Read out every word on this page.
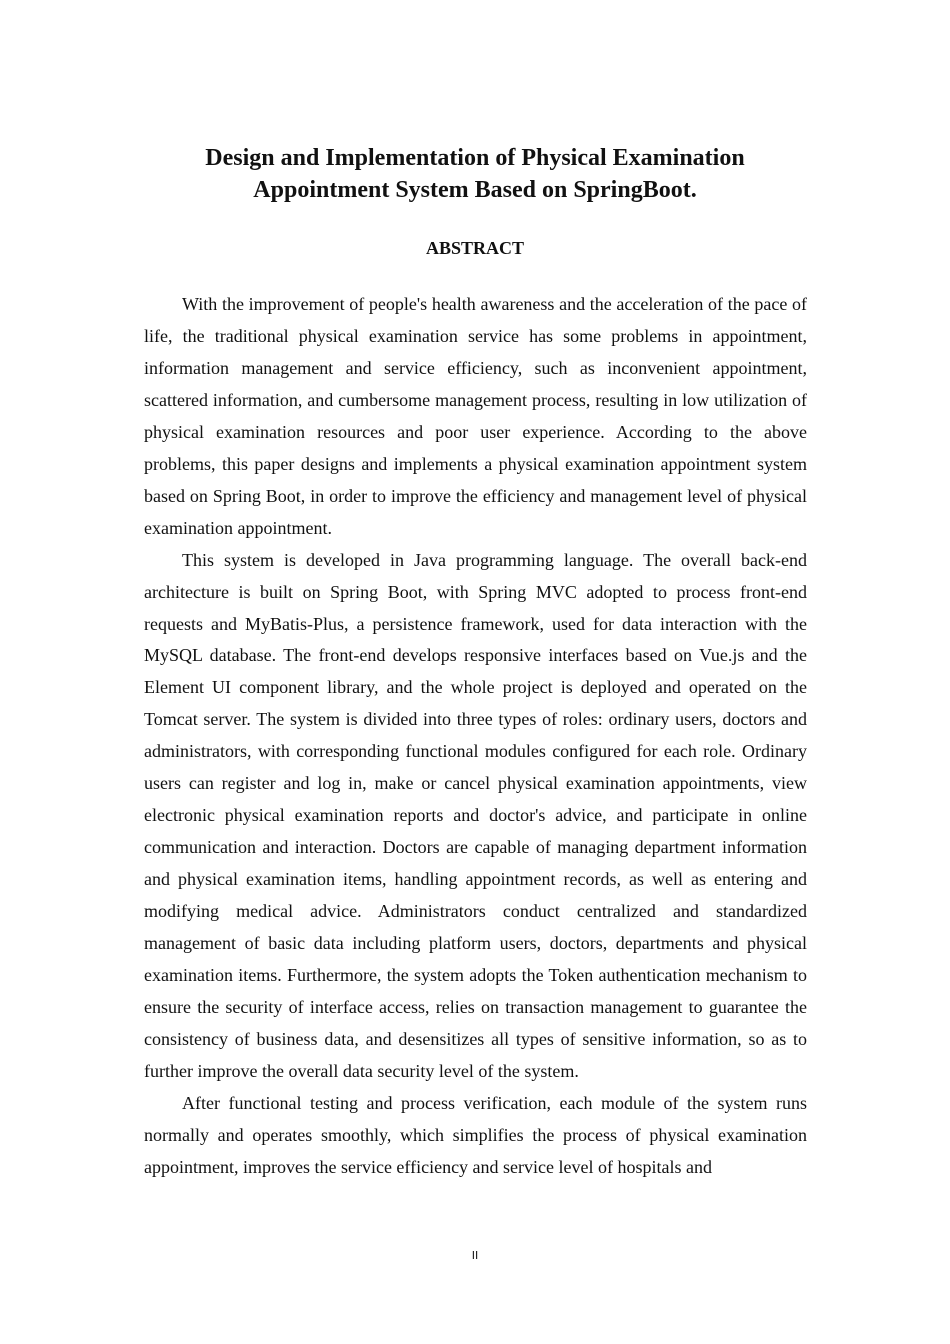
Design and Implementation of Physical Examination
Appointment System Based on SpringBoot.
ABSTRACT

With the improvement of people's health awareness and the acceleration of the pace of life, the traditional physical examination service has some problems in appointment, information management and service efficiency, such as inconvenient appointment, scattered information, and cumbersome management process, resulting in low utilization of physical examination resources and poor user experience. According to the above problems, this paper designs and implements a physical examination appointment system based on Spring Boot, in order to improve the efficiency and management level of physical examination appointment.

This system is developed in Java programming language. The overall back-end architecture is built on Spring Boot, with Spring MVC adopted to process front-end requests and MyBatis-Plus, a persistence framework, used for data interaction with the MySQL database. The front-end develops responsive interfaces based on Vue.js and the Element UI component library, and the whole project is deployed and operated on the Tomcat server. The system is divided into three types of roles: ordinary users, doctors and administrators, with corresponding functional modules configured for each role. Ordinary users can register and log in, make or cancel physical examination appointments, view electronic physical examination reports and doctor's advice, and participate in online communication and interaction. Doctors are capable of managing department information and physical examination items, handling appointment records, as well as entering and modifying medical advice. Administrators conduct centralized and standardized management of basic data including platform users, doctors, departments and physical examination items. Furthermore, the system adopts the Token authentication mechanism to ensure the security of interface access, relies on transaction management to guarantee the consistency of business data, and desensitizes all types of sensitive information, so as to further improve the overall data security level of the system.

After functional testing and process verification, each module of the system runs normally and operates smoothly, which simplifies the process of physical examination appointment, improves the service efficiency and service level of hospitals and

II
